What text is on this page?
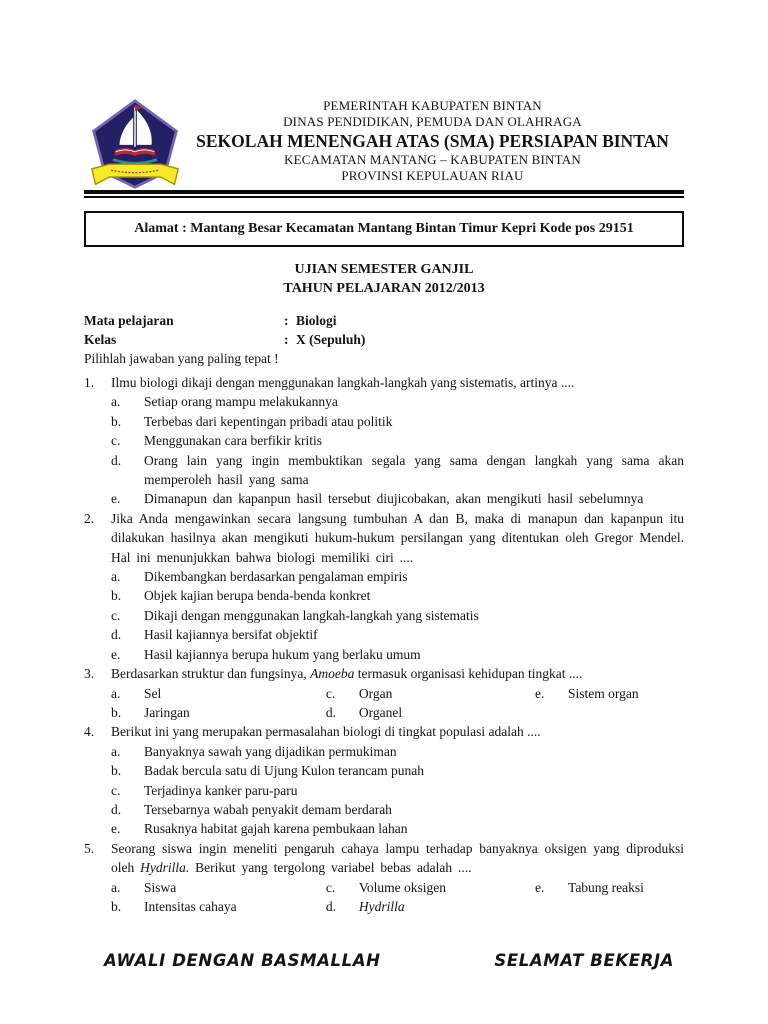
PEMERINTAH KABUPATEN BINTAN
DINAS PENDIDIKAN, PEMUDA DAN OLAHRAGA
SEKOLAH MENENGAH ATAS (SMA) PERSIAPAN BINTAN
KECAMATAN MANTANG – KABUPATEN BINTAN
PROVINSI KEPULAUAN RIAU
Alamat : Mantang Besar Kecamatan Mantang Bintan Timur Kepri Kode pos 29151
UJIAN SEMESTER GANJIL
TAHUN PELAJARAN 2012/2013
Mata pelajaran	: Biologi
Kelas	: X (Sepuluh)
Pilihlah jawaban yang paling tepat !
1.	Ilmu biologi dikaji dengan menggunakan langkah-langkah yang sistematis, artinya ....
a.	Setiap orang mampu melakukannya
b.	Terbebas dari kepentingan pribadi atau politik
c.	Menggunakan cara berfikir kritis
d.	Orang lain yang ingin membuktikan segala yang sama dengan langkah yang sama akan memperoleh hasil yang sama
e.	Dimanapun dan kapanpun hasil tersebut diujicobakan, akan mengikuti hasil sebelumnya
2.	Jika Anda mengawinkan secara langsung tumbuhan A dan B, maka di manapun dan kapanpun itu dilakukan hasilnya akan mengikuti hukum-hukum persilangan yang ditentukan oleh Gregor Mendel. Hal ini menunjukkan bahwa biologi memiliki ciri ....
a.	Dikembangkan berdasarkan pengalaman empiris
b.	Objek kajian berupa benda-benda konkret
c.	Dikaji dengan menggunakan langkah-langkah yang sistematis
d.	Hasil kajiannya bersifat objektif
e.	Hasil kajiannya berupa hukum yang berlaku umum
3.	Berdasarkan struktur dan fungsinya, Amoeba termasuk organisasi kehidupan tingkat ....
a.	Sel
b.	Jaringan
c.	Organ
d.	Organel
e.	Sistem organ
4.	Berikut ini yang merupakan permasalahan biologi di tingkat populasi adalah ....
a.	Banyaknya sawah yang dijadikan permukiman
b.	Badak bercula satu di Ujung Kulon terancam punah
c.	Terjadinya kanker paru-paru
d.	Tersebarnya wabah penyakit demam berdarah
e.	Rusaknya habitat gajah karena pembukaan lahan
5.	Seorang siswa ingin meneliti pengaruh cahaya lampu terhadap banyaknya oksigen yang diproduksi oleh Hydrilla. Berikut yang tergolong variabel bebas adalah ....
a.	Siswa
b.	Intensitas cahaya
c.	Volume oksigen
d.	Hydrilla
e.	Tabung reaksi
AWALI DENGAN BASMALLAH	SELAMAT BEKERJA
